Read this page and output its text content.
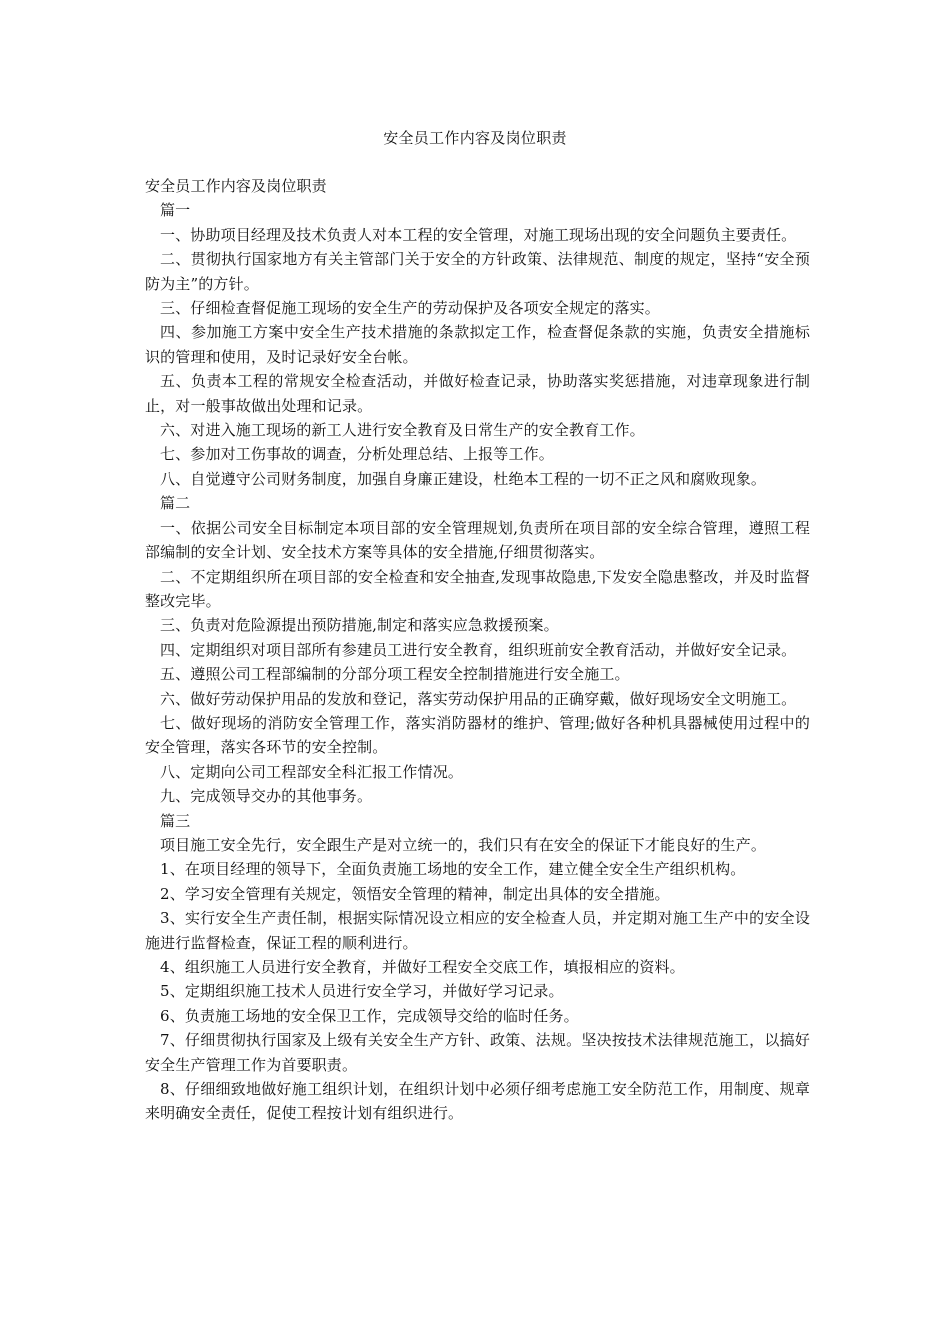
安全员工作内容及岗位职责

安全员工作内容及岗位职责

篇一

一、协助项目经理及技术负责人对本工程的安全管理，对施工现场出现的安全问题负主要责任。

二、贯彻执行国家地方有关主管部门关于安全的方针政策、法律规范、制度的规定，坚持“安全预防为主”的方针。

三、仔细检查督促施工现场的安全生产的劳动保护及各项安全规定的落实。

四、参加施工方案中安全生产技术措施的条款拟定工作，检查督促条款的实施，负责安全措施标识的管理和使用，及时记录好安全台帐。

五、负责本工程的常规安全检查活动，并做好检查记录，协助落实奖惩措施，对违章现象进行制止，对一般事故做出处理和记录。

六、对进入施工现场的新工人进行安全教育及日常生产的安全教育工作。

七、参加对工伤事故的调查，分析处理总结、上报等工作。

八、自觉遵守公司财务制度，加强自身廉正建设，杜绝本工程的一切不正之风和腐败现象。

篇二

一、依据公司安全目标制定本项目部的安全管理规划,负责所在项目部的安全综合管理，遵照工程部编制的安全计划、安全技术方案等具体的安全措施,仔细贯彻落实。

二、不定期组织所在项目部的安全检查和安全抽查,发现事故隐患,下发安全隐患整改，并及时监督整改完毕。

三、负责对危险源提出预防措施,制定和落实应急救援预案。

四、定期组织对项目部所有参建员工进行安全教育，组织班前安全教育活动，并做好安全记录。

五、遵照公司工程部编制的分部分项工程安全控制措施进行安全施工。

六、做好劳动保护用品的发放和登记，落实劳动保护用品的正确穿戴，做好现场安全文明施工。

七、做好现场的消防安全管理工作，落实消防器材的维护、管理;做好各种机具器械使用过程中的安全管理，落实各环节的安全控制。

八、定期向公司工程部安全科汇报工作情况。

九、完成领导交办的其他事务。

篇三

项目施工安全先行，安全跟生产是对立统一的，我们只有在安全的保证下才能良好的生产。

1、在项目经理的领导下，全面负责施工场地的安全工作，建立健全安全生产组织机构。

2、学习安全管理有关规定，领悟安全管理的精神，制定出具体的安全措施。

3、实行安全生产责任制，根据实际情况设立相应的安全检查人员，并定期对施工生产中的安全设施进行监督检查，保证工程的顺利进行。

4、组织施工人员进行安全教育，并做好工程安全交底工作，填报相应的资料。

5、定期组织施工技术人员进行安全学习，并做好学习记录。

6、负责施工场地的安全保卫工作，完成领导交给的临时任务。

7、仔细贯彻执行国家及上级有关安全生产方针、政策、法规。坚决按技术法律规范施工，以搞好安全生产管理工作为首要职责。

8、仔细细致地做好施工组织计划，在组织计划中必须仔细考虑施工安全防范工作，用制度、规章来明确安全责任，促使工程按计划有组织进行。
